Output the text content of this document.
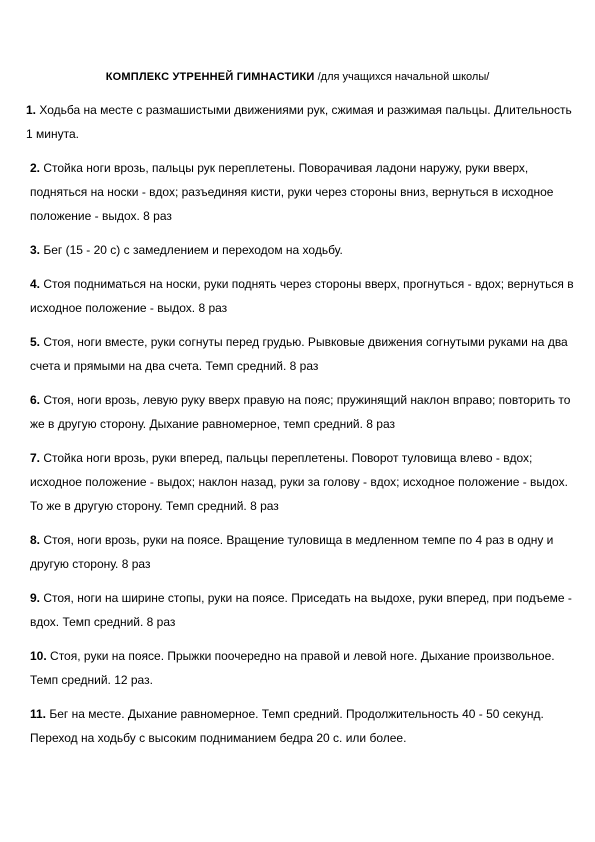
КОМПЛЕКС УТРЕННЕЙ ГИМНАСТИКИ /для учащихся начальной школы/

1. Ходьба на месте с размашистыми движениями рук, сжимая и разжимая пальцы. Длительность 1 минута.

2. Стойка ноги врозь, пальцы рук переплетены. Поворачивая ладони наружу, руки вверх, подняться на носки - вдох; разъединяя кисти, руки через стороны вниз, вернуться в исходное положение - выдох. 8 раз

3. Бег (15 - 20 с) с замедлением и переходом на ходьбу.

4. Стоя подниматься на носки, руки поднять через стороны вверх, прогнуться - вдох; вернуться в исходное положение - выдох. 8 раз

5. Стоя, ноги вместе, руки согнуты перед грудью. Рывковые движения согнутыми руками на два счета и прямыми на два счета. Темп средний. 8 раз

6. Стоя, ноги врозь, левую руку вверх правую на пояс; пружинящий наклон вправо; повторить то же в другую сторону. Дыхание равномерное, темп средний. 8 раз

7. Стойка ноги врозь, руки вперед, пальцы переплетены. Поворот туловища влево - вдох; исходное положение - выдох; наклон назад, руки за голову - вдох; исходное положение - выдох. То же в другую сторону. Темп средний. 8 раз

8. Стоя, ноги врозь, руки на поясе. Вращение туловища в медленном темпе по 4 раз в одну и другую сторону. 8 раз

9. Стоя, ноги на ширине стопы, руки на поясе. Приседать на выдохе, руки вперед, при подъеме - вдох. Темп средний. 8 раз

10. Стоя, руки на поясе. Прыжки поочередно на правой и левой ноге. Дыхание произвольное. Темп средний. 12 раз.

11. Бег на месте. Дыхание равномерное. Темп средний. Продолжительность 40 - 50 секунд. Переход на ходьбу с высоким подниманием бедра 20 с. или более.
